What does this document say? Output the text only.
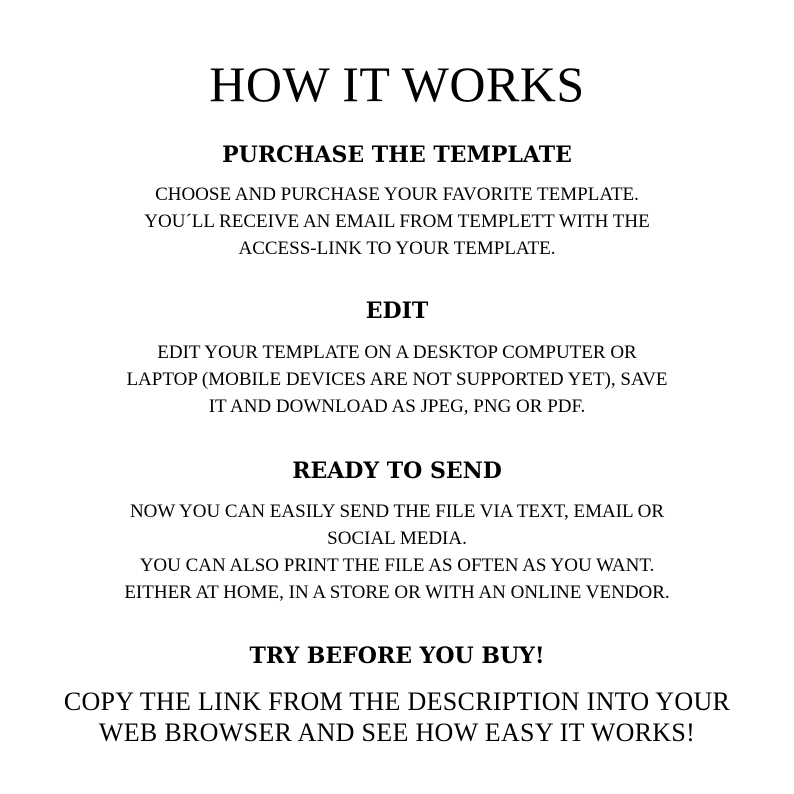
HOW IT WORKS
PURCHASE THE TEMPLATE
CHOOSE AND PURCHASE YOUR FAVORITE TEMPLATE.
YOU´LL RECEIVE AN EMAIL FROM TEMPLETT WITH THE
ACCESS-LINK TO YOUR TEMPLATE.
EDIT
EDIT YOUR TEMPLATE ON A DESKTOP COMPUTER OR
LAPTOP (MOBILE DEVICES ARE NOT SUPPORTED YET), SAVE
IT AND DOWNLOAD AS JPEG, PNG OR PDF.
READY TO SEND
NOW YOU CAN EASILY SEND THE FILE VIA TEXT, EMAIL OR
SOCIAL MEDIA.
YOU CAN ALSO PRINT THE FILE AS OFTEN AS YOU WANT.
EITHER AT HOME, IN A STORE OR WITH AN ONLINE VENDOR.
TRY BEFORE YOU BUY!
COPY THE LINK FROM THE DESCRIPTION INTO YOUR
WEB BROWSER AND SEE HOW EASY IT WORKS!
